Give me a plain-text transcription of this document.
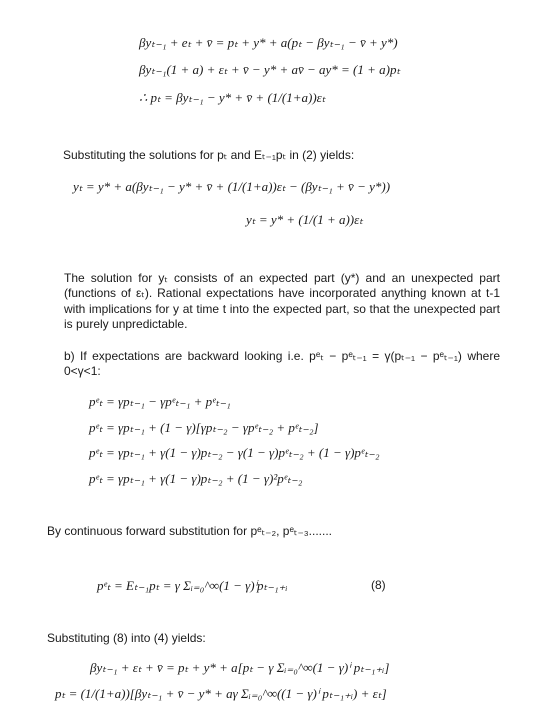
βyₜ₋₁ + eₜ + v̄ = pₜ + y* + a(pₜ − βyₜ₋₁ − v̄ + y*)
βyₜ₋₁(1 + a) + εₜ + v̄ − y* + av̄ − ay* = (1 + a)pₜ
∴ pₜ = βyₜ₋₁ − y* + v̄ + (1/(1+a))εₜ
Substituting the solutions for pₜ and Eₜ₋₁pₜ in (2) yields:
yₜ = y* + a(βyₜ₋₁ − y* + v̄ + (1/(1+a))εₜ − (βyₜ₋₁ + v̄ − y*))
yₜ = y* + (1/(1 + a))εₜ
The solution for yₜ consists of an expected part (y*) and an unexpected part (functions of εₜ). Rational expectations have incorporated anything known at t-1 with implications for y at time t into the expected part, so that the unexpected part is purely unpredictable.
b) If expectations are backward looking i.e. pᵉₜ − pᵉₜ₋₁ = γ(pₜ₋₁ − pᵉₜ₋₁) where 0<γ<1:
pᵉₜ = γpₜ₋₁ − γpᵉₜ₋₁ + pᵉₜ₋₁
pᵉₜ = γpₜ₋₁ + (1 − γ)[γpₜ₋₂ − γpᵉₜ₋₂ + pᵉₜ₋₂]
pᵉₜ = γpₜ₋₁ + γ(1 − γ)pₜ₋₂ − γ(1 − γ)pᵉₜ₋₂ + (1 − γ)pᵉₜ₋₂
pᵉₜ = γpₜ₋₁ + γ(1 − γ)pₜ₋₂ + (1 − γ)²pᵉₜ₋₂
By continuous forward substitution for pᵉₜ₋₂, pᵉₜ₋₃.......
pᵉₜ = Eₜ₋₁pₜ = γ Σᵢ₌₀^∞(1 − γ)ⁱpₜ₋₁₊ᵢ	(8)
Substituting (8) into (4) yields:
βyₜ₋₁ + εₜ + v̄ = pₜ + y* + a[pₜ − γ Σᵢ₌₀^∞(1 − γ)ⁱ pₜ₋₁₊ᵢ]
pₜ = (1/(1+a))[βyₜ₋₁ + v̄ − y* + aγ Σᵢ₌₀^∞((1 − γ)ⁱ pₜ₋₁₊ᵢ) + εₜ]
